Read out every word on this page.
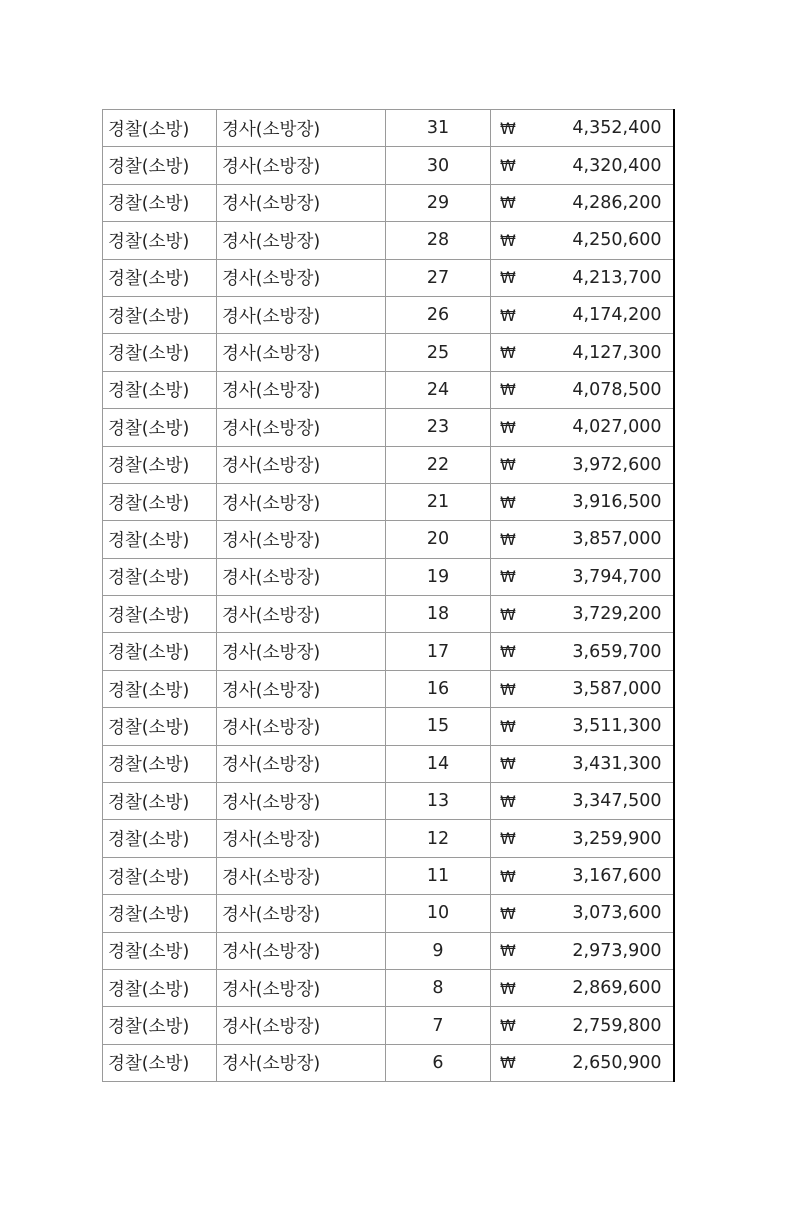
경찰(소방)	경사(소방장)	31	₩ 4,352,400

경찰(소방)	경사(소방장)	30	₩ 4,320,400

경찰(소방)	경사(소방장)	29	₩ 4,286,200

경찰(소방)	경사(소방장)	28	₩ 4,250,600

경찰(소방)	경사(소방장)	27	₩ 4,213,700

경찰(소방)	경사(소방장)	26	₩ 4,174,200

경찰(소방)	경사(소방장)	25	₩ 4,127,300

경찰(소방)	경사(소방장)	24	₩ 4,078,500

경찰(소방)	경사(소방장)	23	₩ 4,027,000

경찰(소방)	경사(소방장)	22	₩ 3,972,600

경찰(소방)	경사(소방장)	21	₩ 3,916,500

경찰(소방)	경사(소방장)	20	₩ 3,857,000

경찰(소방)	경사(소방장)	19	₩ 3,794,700

경찰(소방)	경사(소방장)	18	₩ 3,729,200

경찰(소방)	경사(소방장)	17	₩ 3,659,700

경찰(소방)	경사(소방장)	16	₩ 3,587,000

경찰(소방)	경사(소방장)	15	₩ 3,511,300

경찰(소방)	경사(소방장)	14	₩ 3,431,300

경찰(소방)	경사(소방장)	13	₩ 3,347,500

경찰(소방)	경사(소방장)	12	₩ 3,259,900

경찰(소방)	경사(소방장)	11	₩ 3,167,600

경찰(소방)	경사(소방장)	10	₩ 3,073,600

경찰(소방)	경사(소방장)	9	₩ 2,973,900

경찰(소방)	경사(소방장)	8	₩ 2,869,600

경찰(소방)	경사(소방장)	7	₩ 2,759,800

경찰(소방)	경사(소방장)	6	₩ 2,650,900
